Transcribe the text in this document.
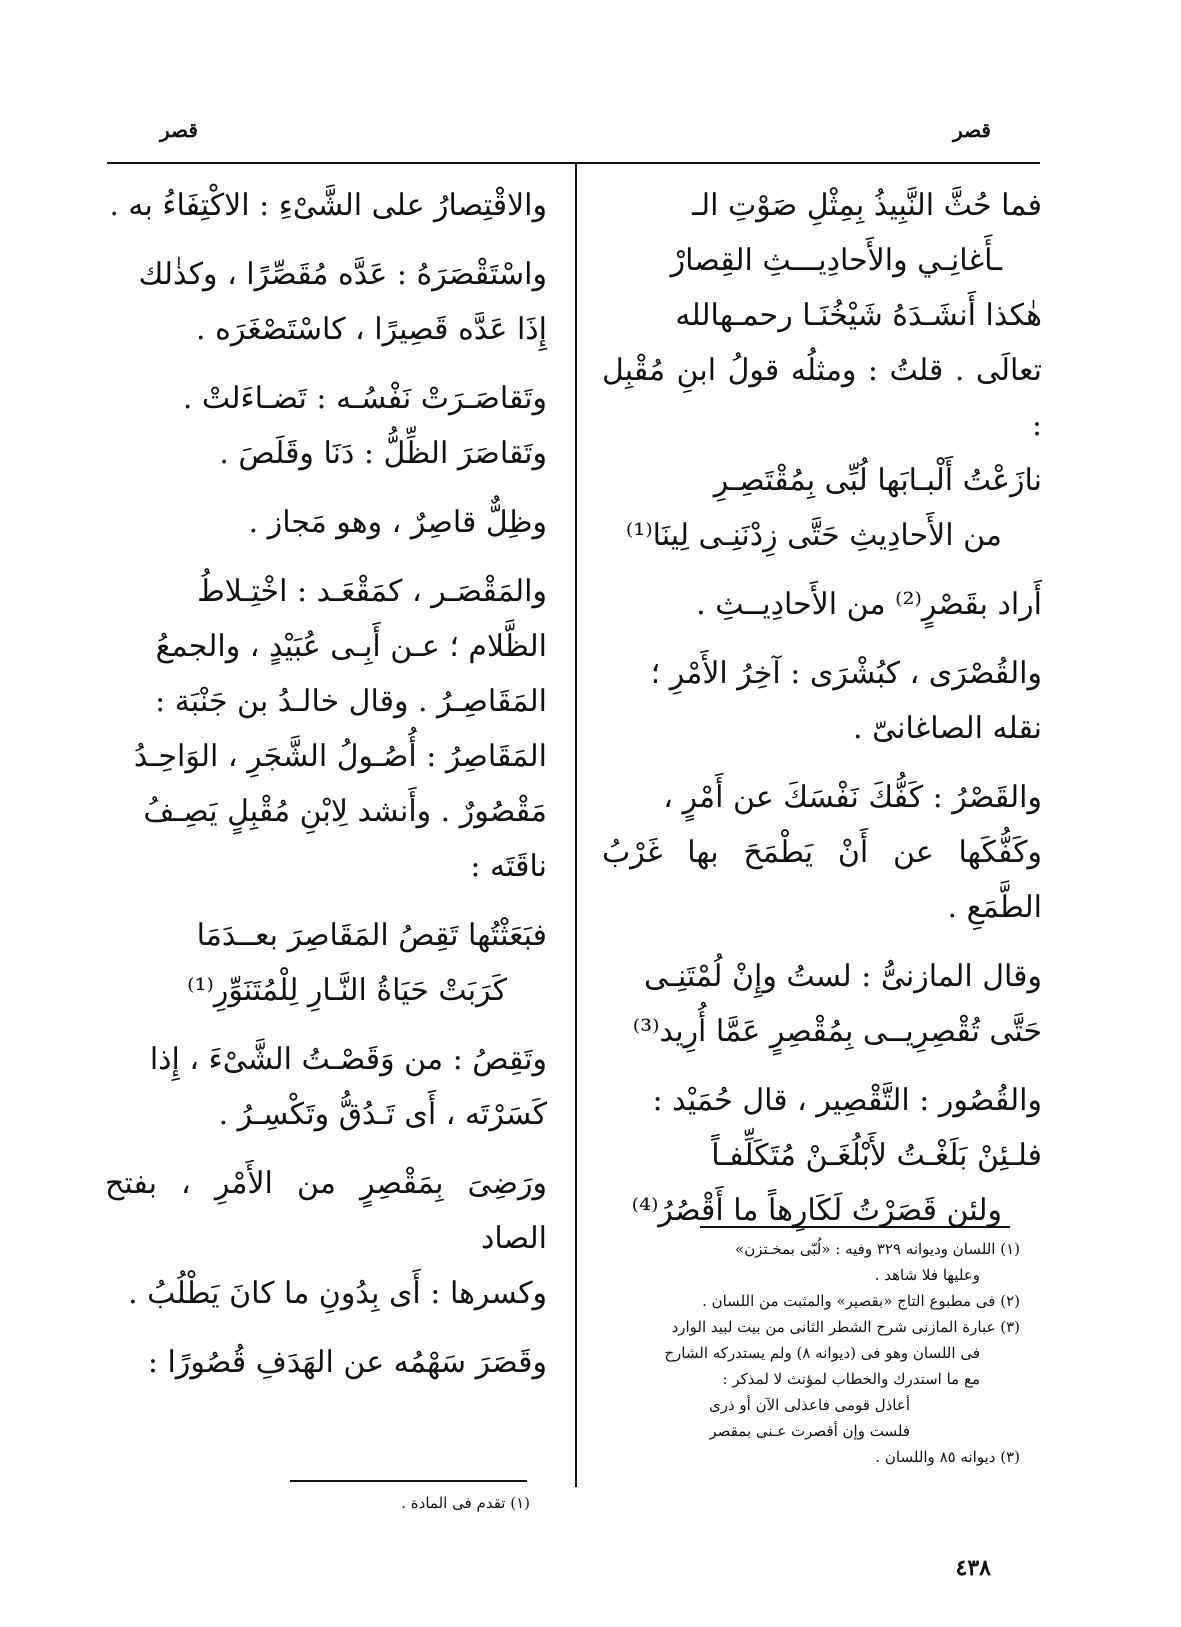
قصر
قصر

فما حُثَّ النَّبِيذُ بِمِثْلِ صَوْتِ الـ

ـأَغانِـي والأَحادِيـــثِ القِصارْ

هٰكذا أَنشَـدَهُ شَيْخُنَـا رحمـهالله

تعالَى . قلتُ : ومثلُه قولُ ابنِ مُقْبِل :

نازَعْتُ أَلْبـابَها لُبِّى بِمُقْتَصِـرِ

من الأَحادِيثِ حَتَّى زِدْنَنِـى لِينَا⁽¹⁾

أَراد بقَصْرٍ⁽²⁾ من الأَحادِيــثِ .

والقُصْرَى ، كبُشْرَى : آخِرُ الأَمْرِ ؛

نقله الصاغانىّ .

والقَصْرُ : كَفُّكَ نَفْسَكَ عن أَمْرٍ ،

وكَفُّكَها عن أَنْ يَطْمَحَ بها غَرْبُ الطَّمَعِ .

وقال المازنىُّ : لستُ وإِنْ لُمْتَنِـى

حَتَّى تُقْصِرِيــى بِمُقْصِرٍ عَمَّا أُرِيد⁽³⁾

والقُصُور : التَّقْصِير ، قال حُمَيْد :

فلـئِنْ بَلَغْـتُ لأَبْلُغَـنْ مُتَكَلِّفـاً

ولئن قَصَرْتُ لَكَارِهاً ما أَقْصُرُ⁽⁴⁾

والاقْتِصارُ على الشَّىْءِ : الاكْتِفَاءُ به .

واسْتَقْصَرَهُ : عَدَّه مُقَصِّرًا ، وكذٰلك

إِذَا عَدَّه قَصِيرًا ، كاسْتَصْغَرَه .

وتَقاصَـرَتْ نَفْسُـه : تَضـاءَلتْ .

وتَقاصَرَ الظِّلُّ : دَنَا وقَلَصَ .

وظِلٌّ قاصِرٌ ، وهو مَجاز .

والمَقْصَـر ، كمَقْعَـد : اخْتِـلاطُ

الظَّلام ؛ عـن أَبِـى عُبَيْدٍ ، والجمعُ

المَقَاصِـرُ . وقال خالـدُ بن جَنْبَة :

المَقَاصِرُ : أُصُـولُ الشَّجَرِ ، الوَاحِـدُ

مَقْصُورٌ . وأَنشد لِابْنِ مُقْبِلٍ يَصِـفُ

ناقَتَه :

فبَعَثْتُها تَقِصُ المَقَاصِرَ بعــدَمَا

كَرَبَتْ حَيَاةُ النَّـارِ لِلْمُتَنَوِّرِ⁽¹⁾

وتَقِصُ : من وَقَصْـتُ الشَّىْءَ ، إِذا

كَسَرْتَه ، أَى تَـدُقُّ وتَكْسِـرُ .

ورَضِىَ بِمَقْصِرٍ من الأَمْرِ ، بفتح الصاد

وكسرها : أَى بِدُونِ ما كانَ يَطْلُبُ .

وقَصَرَ سَهْمُه عن الهَدَفِ قُصُورًا :

(١) اللسان وديوانه ٣٢٩ وفيه : «لُبّى بمخـتزن»

وعليها فلا شاهد .

(٢) فى مطبوع التاج «بقصير» والمثبت من اللسان .

(٣) عبارة المازنى شرح الشطر الثانى من بيت لبيد الوارد

فى اللسان وهو فى (ديوانه ٨) ولم يستدركه الشارح

مع ما استدرك والخطاب لمؤنث لا لمذكر :

أعاذل قومى فاعذلى الآن أو ذرى

فلست وإن أقصرت عـنى بمقصر

(٣) ديوانه ٨٥ واللسان .

(١) تقدم فى المادة .

٤٣٨
